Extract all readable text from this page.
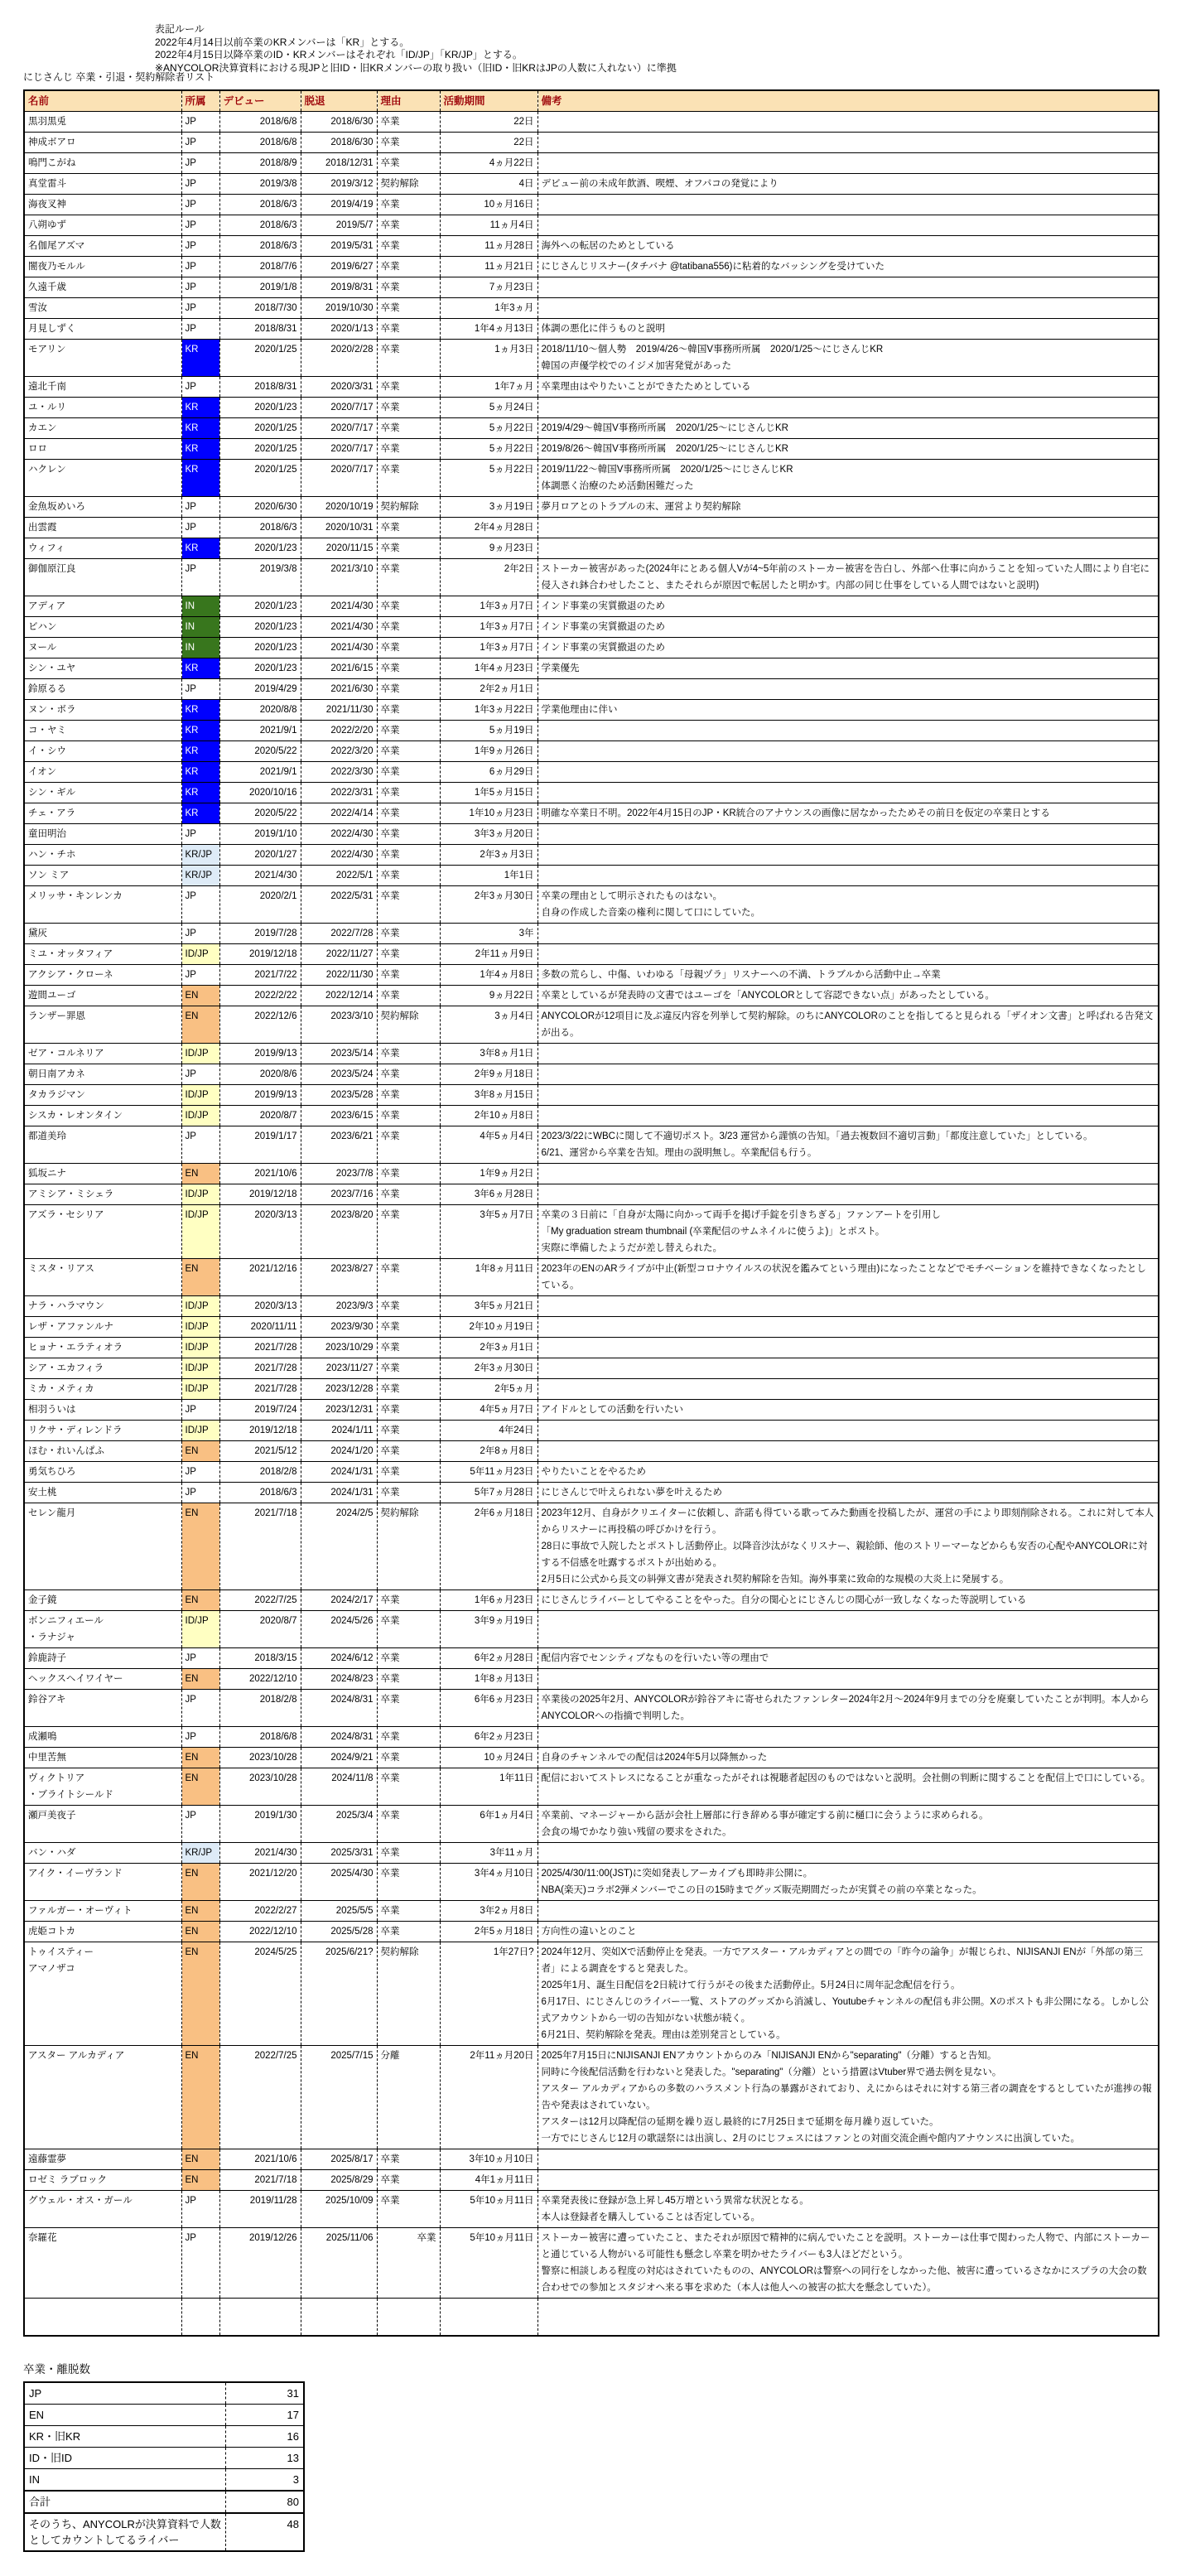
表記ルール
2022年4月14日以前卒業のKRメンバーは「KR」とする。
2022年4月15日以降卒業のID・KRメンバーはそれぞれ「ID/JP」「KR/JP」とする。
※ANYCOLOR決算資料における現JPと旧ID・旧KRメンバーの取り扱い（旧ID・旧KRはJPの人数に入れない）に準拠
にじさんじ 卒業・引退・契約解除者リスト
名前	所属	デビュー	脱退	理由	活動期間	備考
黒羽黒兎	JP	2018/6/8	2018/6/30	卒業	22日	
神成ボアロ	JP	2018/6/8	2018/6/30	卒業	22日	
鳴門こがね	JP	2018/8/9	2018/12/31	卒業	4ヵ月22日	
真堂雷斗	JP	2019/3/8	2019/3/12	契約解除	4日	デビュー前の未成年飲酒、喫煙、オフパコの発覚により

海夜叉神	JP	2018/6/3	2019/4/19	卒業	10ヵ月16日	
八朔ゆず	JP	2018/6/3	2019/5/7	卒業	11ヵ月4日	
名伽尾アズマ	JP	2018/6/3	2019/5/31	卒業	11ヵ月28日	海外への転居のためとしている

闇夜乃モルル	JP	2018/7/6	2019/6/27	卒業	11ヵ月21日	にじさんじリスナー(タチバナ @tatibana556)に粘着的なバッシングを受けていた

久遠千歳	JP	2019/1/8	2019/8/31	卒業	7ヵ月23日	
雪汝	JP	2018/7/30	2019/10/30	卒業	1年3ヵ月	
月見しずく	JP	2018/8/31	2020/1/13	卒業	1年4ヵ月13日	体調の悪化に伴うものと説明

モアリン	KR	2020/1/25	2020/2/28	卒業	1ヵ月3日	2018/11/10～個人勢　2019/4/26～韓国V事務所所属　2020/1/25～にじさんじKR
韓国の声優学校でのイジメ加害発覚があった

遠北千南	JP	2018/8/31	2020/3/31	卒業	1年7ヵ月	卒業理由はやりたいことができたためとしている

ユ・ルリ	KR	2020/1/23	2020/7/17	卒業	5ヵ月24日	
カエン	KR	2020/1/25	2020/7/17	卒業	5ヵ月22日	2019/4/29～韓国V事務所所属　2020/1/25～にじさんじKR

ロロ	KR	2020/1/25	2020/7/17	卒業	5ヵ月22日	2019/8/26～韓国V事務所所属　2020/1/25～にじさんじKR

ハクレン	KR	2020/1/25	2020/7/17	卒業	5ヵ月22日	2019/11/22～韓国V事務所所属　2020/1/25～にじさんじKR
体調悪く治療のため活動困難だった

金魚坂めいろ	JP	2020/6/30	2020/10/19	契約解除	3ヵ月19日	夢月ロアとのトラブルの末、運営より契約解除

出雲霞	JP	2018/6/3	2020/10/31	卒業	2年4ヵ月28日	
ウィフィ	KR	2020/1/23	2020/11/15	卒業	9ヵ月23日	
御伽原江良	JP	2019/3/8	2021/3/10	卒業	2年2日	ストーカー被害があった(2024年にとある個人Vが4~5年前のストーカー被害を告白し、外部へ仕事に向かうことを知っていた人間により自宅に侵入され鉢合わせしたこと、またそれらが原因で転居したと明かす。内部の同じ仕事をしている人間ではないと説明)

アディア	IN	2020/1/23	2021/4/30	卒業	1年3ヵ月7日	インド事業の実質撤退のため

ビハン	IN	2020/1/23	2021/4/30	卒業	1年3ヵ月7日	インド事業の実質撤退のため

ヌール	IN	2020/1/23	2021/4/30	卒業	1年3ヵ月7日	インド事業の実質撤退のため

シン・ユヤ	KR	2020/1/23	2021/6/15	卒業	1年4ヵ月23日	学業優先

鈴原るる	JP	2019/4/29	2021/6/30	卒業	2年2ヵ月1日	
ヌン・ボラ	KR	2020/8/8	2021/11/30	卒業	1年3ヵ月22日	学業他理由に伴い

コ・ヤミ	KR	2021/9/1	2022/2/20	卒業	5ヵ月19日	
イ・シウ	KR	2020/5/22	2022/3/20	卒業	1年9ヵ月26日	
イオン	KR	2021/9/1	2022/3/30	卒業	6ヵ月29日	
シン・ギル	KR	2020/10/16	2022/3/31	卒業	1年5ヵ月15日	
チェ・アラ	KR	2020/5/22	2022/4/14	卒業	1年10ヵ月23日	明確な卒業日不明。2022年4月15日のJP・KR統合のアナウンスの画像に居なかったためその前日を仮定の卒業日とする

童田明治	JP	2019/1/10	2022/4/30	卒業	3年3ヵ月20日	
ハン・チホ	KR/JP	2020/1/27	2022/4/30	卒業	2年3ヵ月3日	
ソン ミア	KR/JP	2021/4/30	2022/5/1	卒業	1年1日	
メリッサ・キンレンカ	JP	2020/2/1	2022/5/31	卒業	2年3ヵ月30日	卒業の理由として明示されたものはない。
自身の作成した音楽の権利に関して口にしていた。

黛灰	JP	2019/7/28	2022/7/28	卒業	3年	
ミユ・オッタフィア	ID/JP	2019/12/18	2022/11/27	卒業	2年11ヵ月9日	
アクシア・クローネ	JP	2021/7/22	2022/11/30	卒業	1年4ヵ月8日	多数の荒らし、中傷、いわゆる「母親ヅラ」リスナーへの不満、トラブルから活動中止→卒業

遊間ユーゴ	EN	2022/2/22	2022/12/14	卒業	9ヵ月22日	卒業としているが発表時の文書ではユーゴを「ANYCOLORとして容認できない点」があったとしている。

ランザー罪恩	EN	2022/12/6	2023/3/10	契約解除	3ヵ月4日	ANYCOLORが12項目に及ぶ違反内容を列挙して契約解除。のちにANYCOLORのことを指してると見られる「ザイオン文書」と呼ばれる告発文が出る。

ゼア・コルネリア	ID/JP	2019/9/13	2023/5/14	卒業	3年8ヵ月1日	
朝日南アカネ	JP	2020/8/6	2023/5/24	卒業	2年9ヵ月18日	
タカラジマン	ID/JP	2019/9/13	2023/5/28	卒業	3年8ヵ月15日	
シスカ・レオンタイン	ID/JP	2020/8/7	2023/6/15	卒業	2年10ヵ月8日	
都道美玲	JP	2019/1/17	2023/6/21	卒業	4年5ヵ月4日	2023/3/22にWBCに関して不適切ポスト。3/23 運営から謹慎の告知。「過去複数回不適切言動」「都度注意していた」としている。
6/21、運営から卒業を告知。理由の説明無し。卒業配信も行う。

狐坂ニナ	EN	2021/10/6	2023/7/8	卒業	1年9ヵ月2日	
アミシア・ミシェラ	ID/JP	2019/12/18	2023/7/16	卒業	3年6ヵ月28日	
アズラ・セシリア	ID/JP	2020/3/13	2023/8/20	卒業	3年5ヵ月7日	卒業の３日前に「自身が太陽に向かって両手を掲げ手錠を引きちぎる」ファンアートを引用し
「My graduation stream thumbnail (卒業配信のサムネイルに使うよ)」とポスト。
実際に準備したようだが差し替えられた。

ミスタ・リアス	EN	2021/12/16	2023/8/27	卒業	1年8ヵ月11日	2023年のENのARライブが中止(新型コロナウイルスの状況を鑑みてという理由)になったことなどでモチベーションを維持できなくなったとしている。

ナラ・ハラマウン	ID/JP	2020/3/13	2023/9/3	卒業	3年5ヵ月21日	
レザ・アファンルナ	ID/JP	2020/11/11	2023/9/30	卒業	2年10ヵ月19日	
ヒョナ・エラティオラ	ID/JP	2021/7/28	2023/10/29	卒業	2年3ヵ月1日	
シア・エカフィラ	ID/JP	2021/7/28	2023/11/27	卒業	2年3ヵ月30日	
ミカ・メティカ	ID/JP	2021/7/28	2023/12/28	卒業	2年5ヵ月	
相羽ういは	JP	2019/7/24	2023/12/31	卒業	4年5ヵ月7日	アイドルとしての活動を行いたい

リクサ・ディレンドラ	ID/JP	2019/12/18	2024/1/11	卒業	4年24日	
ほむ・れいんぱふ	EN	2021/5/12	2024/1/20	卒業	2年8ヵ月8日	
勇気ちひろ	JP	2018/2/8	2024/1/31	卒業	5年11ヵ月23日	やりたいことをやるため

安土桃	JP	2018/6/3	2024/1/31	卒業	5年7ヵ月28日	にじさんじで叶えられない夢を叶えるため

セレン龍月	EN	2021/7/18	2024/2/5	契約解除	2年6ヵ月18日	2023年12月、自身がクリエイターに依頼し、許諾も得ている歌ってみた動画を投稿したが、運営の手により即刻削除される。これに対して本人からリスナーに再投稿の呼びかけを行う。
28日に事故で入院したとポストし活動停止。以降音沙汰がなくリスナー、親絵師、他のストリーマーなどからも安否の心配やANYCOLORに対する不信感を吐露するポストが出始める。
2月5日に公式から長文の糾弾文書が発表され契約解除を告知。海外事業に致命的な規模の大炎上に発展する。

金子鏡	EN	2022/7/25	2024/2/17	卒業	1年6ヵ月23日	にじさんじライバーとしてやることをやった。自分の関心とにじさんじの関心が一致しなくなった等説明している

ボンニフィエール
・ラナジャ	ID/JP	2020/8/7	2024/5/26	卒業	3年9ヵ月19日	
鈴鹿詩子	JP	2018/3/15	2024/6/12	卒業	6年2ヵ月28日	配信内容でセンシティブなものを行いたい等の理由で

ヘックスヘイワイヤー	EN	2022/12/10	2024/8/23	卒業	1年8ヵ月13日	
鈴谷アキ	JP	2018/2/8	2024/8/31	卒業	6年6ヵ月23日	卒業後の2025年2月、ANYCOLORが鈴谷アキに寄せられたファンレター2024年2月～2024年9月までの分を廃棄していたことが判明。本人からANYCOLORへの指摘で判明した。

成瀬鳴	JP	2018/6/8	2024/8/31	卒業	6年2ヵ月23日	
中里苦無	EN	2023/10/28	2024/9/21	卒業	10ヵ月24日	自身のチャンネルでの配信は2024年5月以降無かった

ヴィクトリア
・ブライトシールド	EN	2023/10/28	2024/11/8	卒業	1年11日	配信においてストレスになることが重なったがそれは視聴者起因のものではないと説明。会社側の判断に関することを配信上で口にしている。

瀬戸美夜子	JP	2019/1/30	2025/3/4	卒業	6年1ヵ月4日	卒業前、マネージャーから話が会社上層部に行き辞める事が確定する前に樋口に会うように求められる。
会食の場でかなり強い残留の要求をされた。

バン・ハダ	KR/JP	2021/4/30	2025/3/31	卒業	3年11ヵ月	
アイク・イーヴランド	EN	2021/12/20	2025/4/30	卒業	3年4ヵ月10日	2025/4/30/11:00(JST)に突如発表しアーカイブも即時非公開に。
NBA(楽天)コラボ2弾メンバーでこの日の15時までグッズ販売期間だったが実質その前の卒業となった。

ファルガー・オーヴィト	EN	2022/2/27	2025/5/5	卒業	3年2ヵ月8日	
虎姫コトカ	EN	2022/12/10	2025/5/28	卒業	2年5ヵ月18日	方向性の違いとのこと

トゥイスティー
アマノザコ
	EN	2024/5/25	2025/6/21?	契約解除	1年27日?	2024年12月、突如Xで活動停止を発表。一方でアスター・アルカディアとの間での「昨今の論争」が報じられ、NIJISANJI ENが「外部の第三者」による調査をすると発表した。
2025年1月、誕生日配信を2日続けて行うがその後また活動停止。5月24日に周年記念配信を行う。
6月17日、にじさんじのライバー一覧、ストアのグッズから消滅し、Youtubeチャンネルの配信も非公開。Xのポストも非公開になる。しかし公式アカウントから一切の告知がない状態が続く。
6月21日、契約解除を発表。理由は差別発言としている。

アスター アルカディア	EN	2022/7/25	2025/7/15	分離	2年11ヵ月20日	2025年7月15日にNIJISANJI ENアカウントからのみ「NIJISANJI ENから"separating"（分離）すると告知。
同時に今後配信活動を行わないと発表した。"separating"（分離）という措置はVtuber界で過去例を見ない。
アスター アルカディアからの多数のハラスメント行為の暴露がされており、えにからはそれに対する第三者の調査をするとしていたが進捗の報告や発表はされていない。
アスターは12月以降配信の延期を繰り返し最終的に7月25日まで延期を毎月繰り返していた。
一方でにじさんじ12月の歌謡祭には出演し、2月のにじフェスにはファンとの対面交流企画や館内アナウンスに出演していた。

遠藤霊夢	EN	2021/10/6	2025/8/17	卒業	3年10ヵ月10日	
ロゼミ ラブロック	EN	2021/7/18	2025/8/29	卒業	4年1ヵ月11日	
グウェル・オス・ガール	JP	2019/11/28	2025/10/09	卒業	5年10ヵ月11日	卒業発表後に登録が急上昇し45万増という異常な状況となる。
本人は登録者を購入していることは否定している。

奈羅花	JP	2019/12/26	2025/11/06	卒業	5年10ヵ月11日	ストーカー被害に遭っていたこと、またそれが原因で精神的に病んでいたことを説明。ストーカーは仕事で関わった人物で、内部にストーカーと通じている人物がいる可能性も懸念し卒業を明かせたライバーも3人ほどだという。
警察に相談しある程度の対応はされていたものの、ANYCOLORは警察への同行をしなかった他、被害に遭っているさなかにスプラの大会の数合わせでの参加とスタジオへ来る事を求めた（本人は他人への被害の拡大を懸念していた）。

卒業・離脱数
JP	31
EN	17
KR・旧KR	16
ID・旧ID	13
IN	3
合計	80
そのうち、ANYCOLRが決算資料で人数としてカウントしてるライバー	48
